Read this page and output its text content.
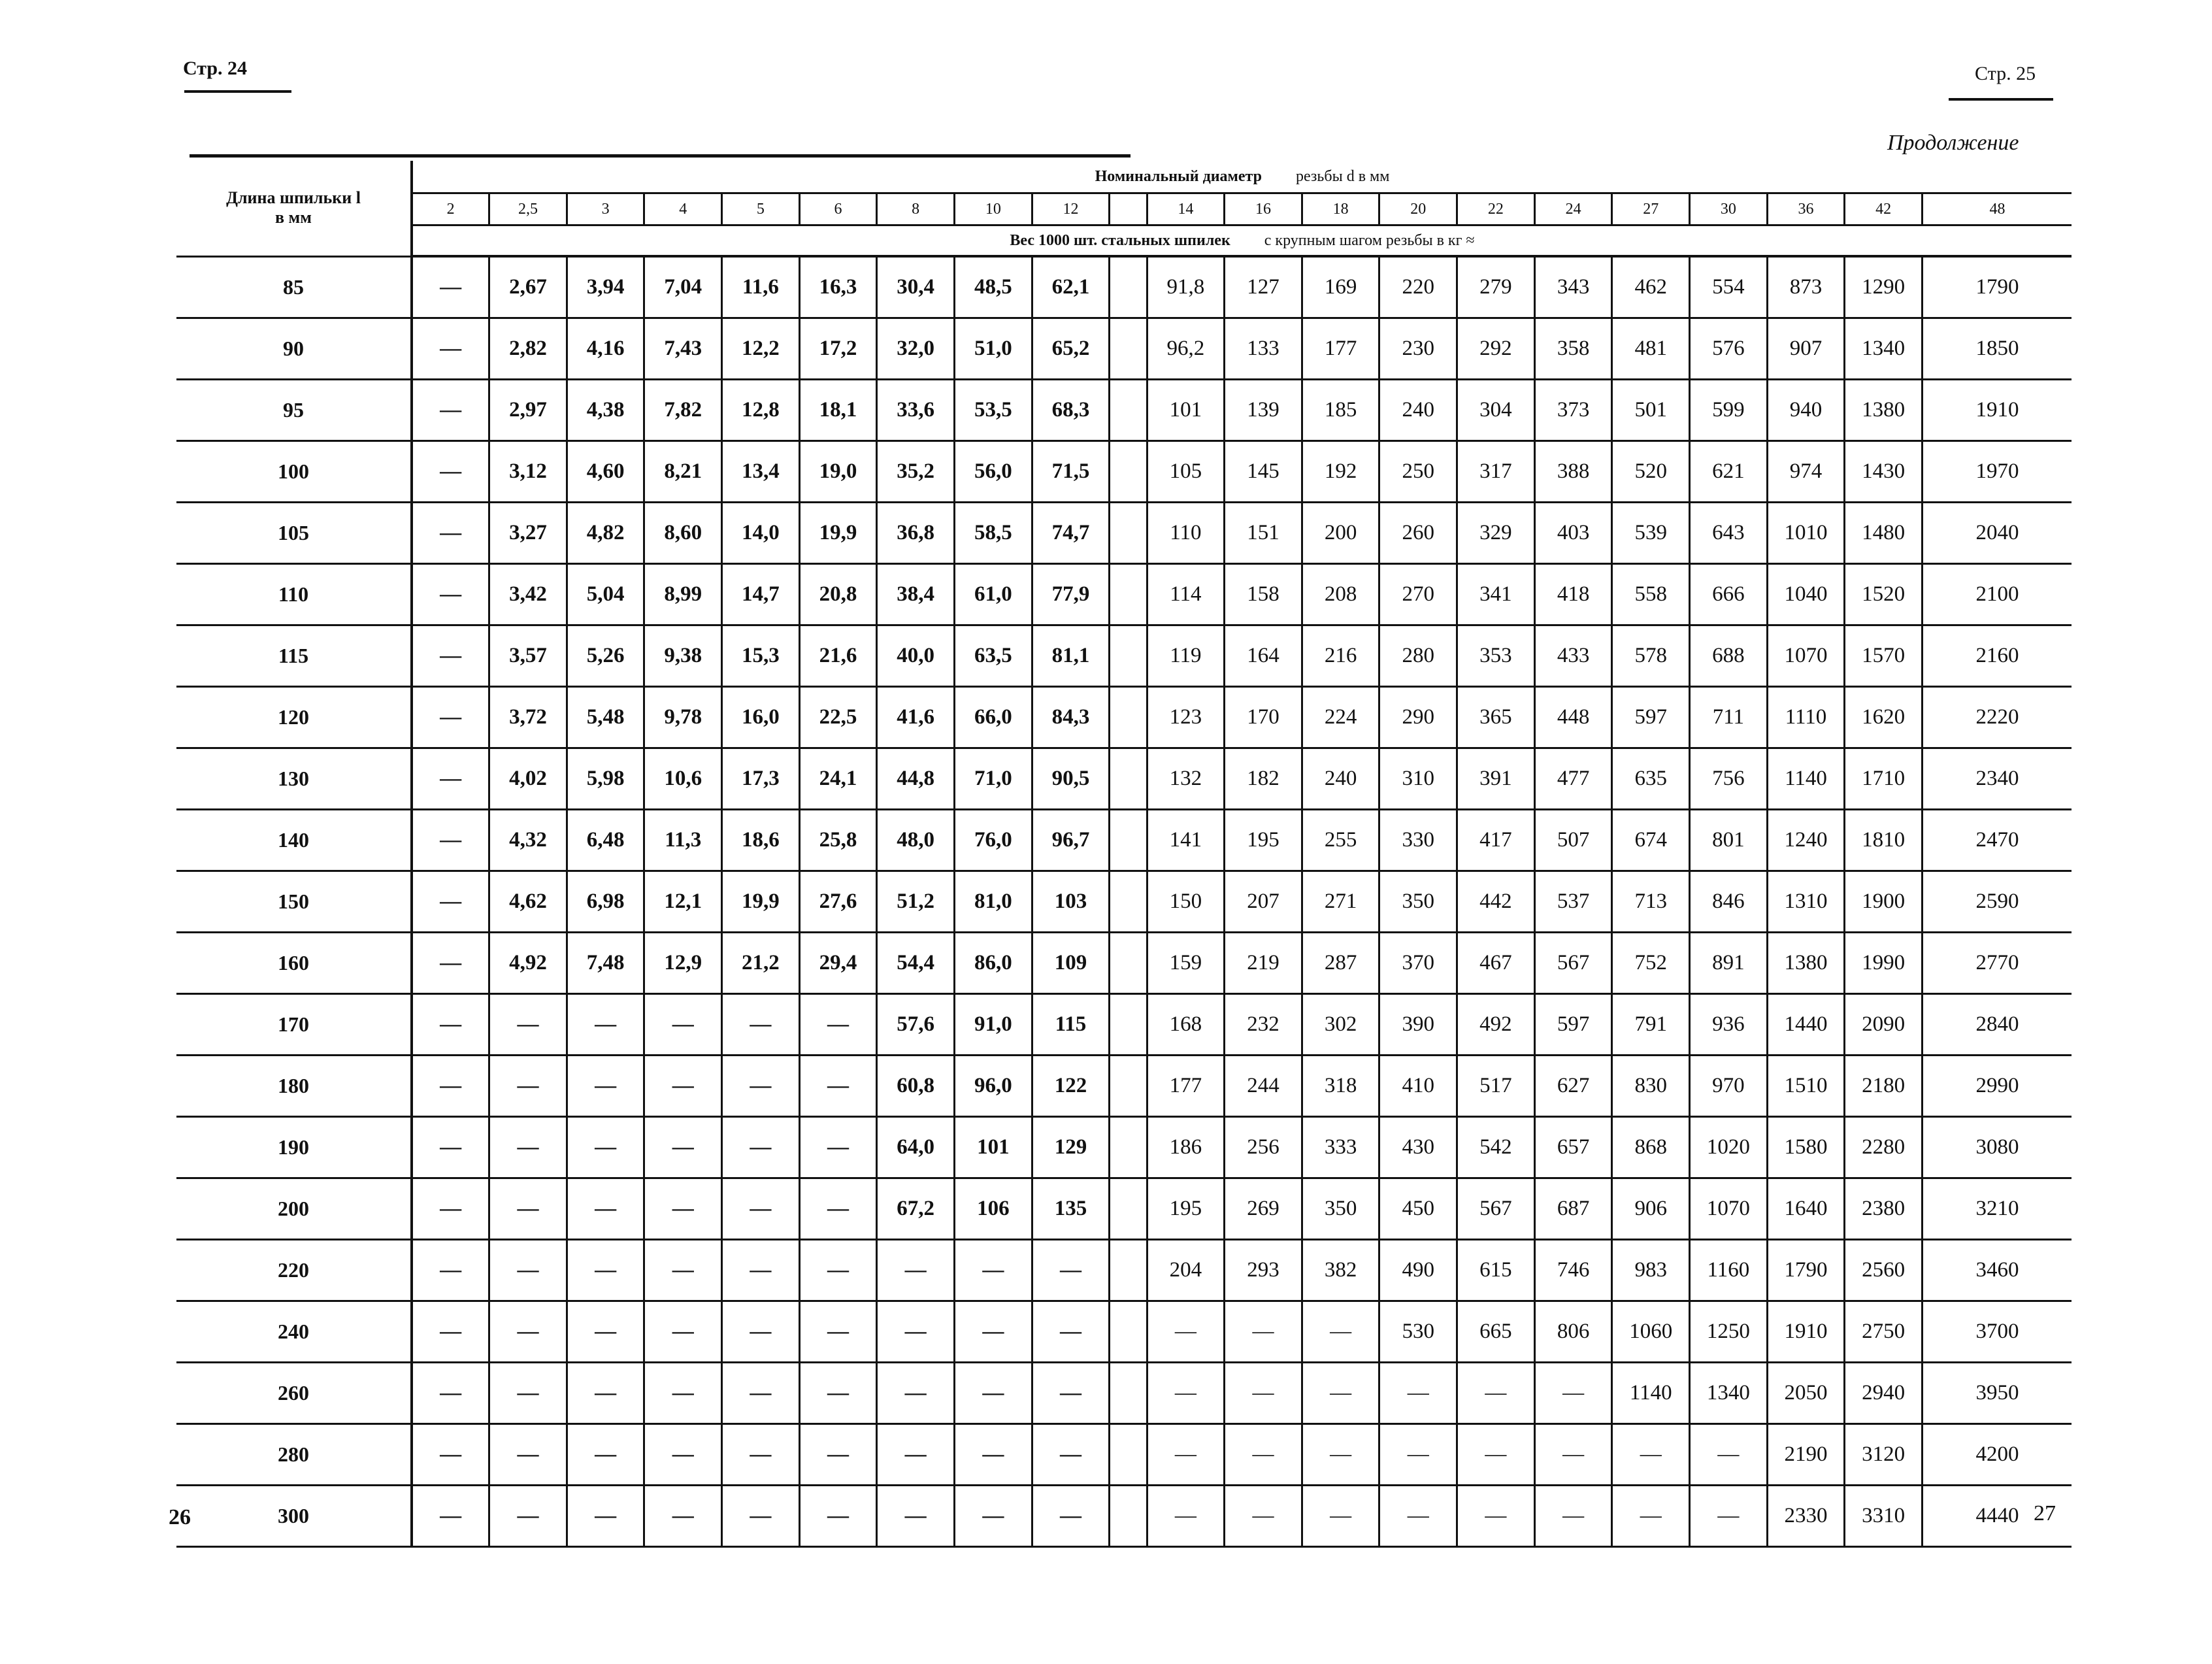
Стр. 24	Стр. 25
Продолжение
Длина шпильки l
в мм	Номинальный диаметр резьбы d в мм																				
	2	2,5	3	4	5	6	8	10	12		14	16	18	20	22	24	27	30	36	42	48
	Вес 1000 шт. стальных шпилек с крупным шагом резьбы в кг ≈																				
85	—	2,67	3,94	7,04	11,6	16,3	30,4	48,5	62,1		91,8	127	169	220	279	343	462	554	873	1290	1790
90	—	2,82	4,16	7,43	12,2	17,2	32,0	51,0	65,2		96,2	133	177	230	292	358	481	576	907	1340	1850
95	—	2,97	4,38	7,82	12,8	18,1	33,6	53,5	68,3		101	139	185	240	304	373	501	599	940	1380	1910
100	—	3,12	4,60	8,21	13,4	19,0	35,2	56,0	71,5		105	145	192	250	317	388	520	621	974	1430	1970
105	—	3,27	4,82	8,60	14,0	19,9	36,8	58,5	74,7		110	151	200	260	329	403	539	643	1010	1480	2040
110	—	3,42	5,04	8,99	14,7	20,8	38,4	61,0	77,9		114	158	208	270	341	418	558	666	1040	1520	2100
115	—	3,57	5,26	9,38	15,3	21,6	40,0	63,5	81,1		119	164	216	280	353	433	578	688	1070	1570	2160
120	—	3,72	5,48	9,78	16,0	22,5	41,6	66,0	84,3		123	170	224	290	365	448	597	711	1110	1620	2220
130	—	4,02	5,98	10,6	17,3	24,1	44,8	71,0	90,5		132	182	240	310	391	477	635	756	1140	1710	2340
140	—	4,32	6,48	11,3	18,6	25,8	48,0	76,0	96,7		141	195	255	330	417	507	674	801	1240	1810	2470
150	—	4,62	6,98	12,1	19,9	27,6	51,2	81,0	103		150	207	271	350	442	537	713	846	1310	1900	2590
160	—	4,92	7,48	12,9	21,2	29,4	54,4	86,0	109		159	219	287	370	467	567	752	891	1380	1990	2770
170	—	—	—	—	—	—	57,6	91,0	115		168	232	302	390	492	597	791	936	1440	2090	2840
180	—	—	—	—	—	—	60,8	96,0	122		177	244	318	410	517	627	830	970	1510	2180	2990
190	—	—	—	—	—	—	64,0	101	129		186	256	333	430	542	657	868	1020	1580	2280	3080
200	—	—	—	—	—	—	67,2	106	135		195	269	350	450	567	687	906	1070	1640	2380	3210
220	—	—	—	—	—	—	—	—	—		204	293	382	490	615	746	983	1160	1790	2560	3460
240	—	—	—	—	—	—	—	—	—		—	—	—	530	665	806	1060	1250	1910	2750	3700
260	—	—	—	—	—	—	—	—	—		—	—	—	—	—	—	1140	1340	2050	2940	3950
280	—	—	—	—	—	—	—	—	—		—	—	—	—	—	—	—	—	2190	3120	4200
300	—	—	—	—	—	—	—	—	—		—	—	—	—	—	—	—	—	2330	3310	4440
26	27
